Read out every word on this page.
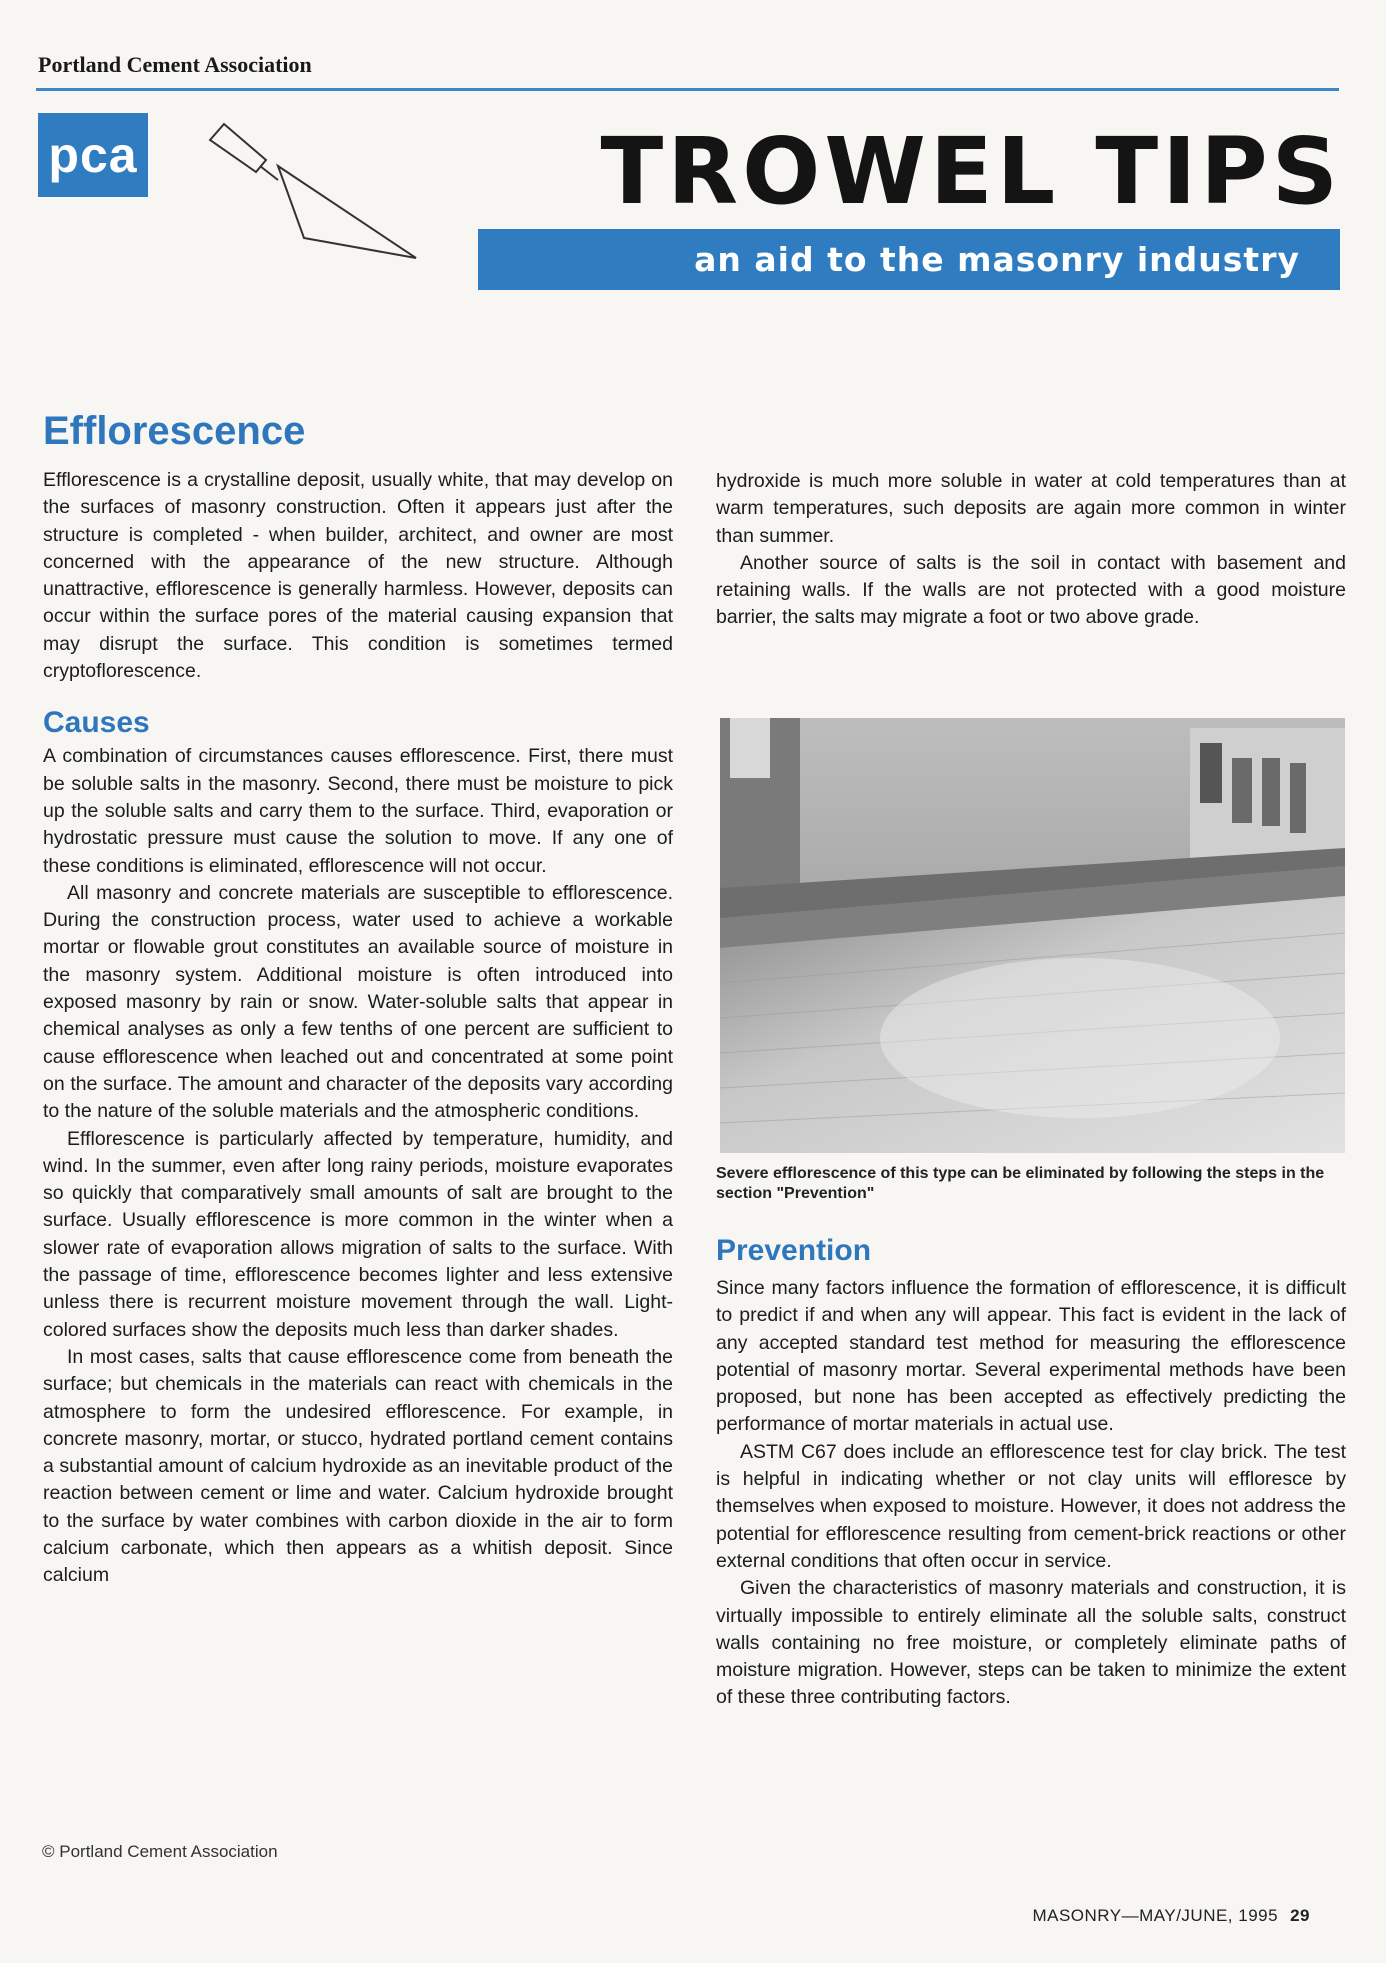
Portland Cement Association
pca	TROWEL TIPS
an aid to the masonry industry
Efflorescence

Efflorescence is a crystalline deposit, usually white, that may develop on the surfaces of masonry construction. Often it appears just after the structure is completed - when builder, architect, and owner are most concerned with the appearance of the new structure. Although unattractive, efflorescence is generally harmless. However, deposits can occur within the surface pores of the material causing expansion that may disrupt the surface. This condition is sometimes termed cryptoflorescence.

Causes

A combination of circumstances causes efflorescence. First, there must be soluble salts in the masonry. Second, there must be moisture to pick up the soluble salts and carry them to the surface. Third, evaporation or hydrostatic pressure must cause the solution to move. If any one of these conditions is eliminated, efflorescence will not occur.

All masonry and concrete materials are susceptible to efflorescence. During the construction process, water used to achieve a workable mortar or flowable grout constitutes an available source of moisture in the masonry system. Additional moisture is often introduced into exposed masonry by rain or snow. Water-soluble salts that appear in chemical analyses as only a few tenths of one percent are sufficient to cause efflorescence when leached out and concentrated at some point on the surface. The amount and character of the deposits vary according to the nature of the soluble materials and the atmospheric conditions.

Efflorescence is particularly affected by temperature, humidity, and wind. In the summer, even after long rainy periods, moisture evaporates so quickly that comparatively small amounts of salt are brought to the surface. Usually efflorescence is more common in the winter when a slower rate of evaporation allows migration of salts to the surface. With the passage of time, efflorescence becomes lighter and less extensive unless there is recurrent moisture movement through the wall. Light-colored surfaces show the deposits much less than darker shades.

In most cases, salts that cause efflorescence come from beneath the surface; but chemicals in the materials can react with chemicals in the atmosphere to form the undesired efflorescence. For example, in concrete masonry, mortar, or stucco, hydrated portland cement contains a substantial amount of calcium hydroxide as an inevitable product of the reaction between cement or lime and water. Calcium hydroxide brought to the surface by water combines with carbon dioxide in the air to form calcium carbonate, which then appears as a whitish deposit. Since calcium

hydroxide is much more soluble in water at cold temperatures than at warm temperatures, such deposits are again more common in winter than summer.

Another source of salts is the soil in contact with basement and retaining walls. If the walls are not protected with a good moisture barrier, the salts may migrate a foot or two above grade.

Severe efflorescence of this type can be eliminated by following the steps in the section "Prevention"
Prevention

Since many factors influence the formation of efflorescence, it is difficult to predict if and when any will appear. This fact is evident in the lack of any accepted standard test method for measuring the efflorescence potential of masonry mortar. Several experimental methods have been proposed, but none has been accepted as effectively predicting the performance of mortar materials in actual use.

ASTM C67 does include an efflorescence test for clay brick. The test is helpful in indicating whether or not clay units will effloresce by themselves when exposed to moisture. However, it does not address the potential for efflorescence resulting from cement-brick reactions or other external conditions that often occur in service.

Given the characteristics of masonry materials and construction, it is virtually impossible to entirely eliminate all the soluble salts, construct walls containing no free moisture, or completely eliminate paths of moisture migration. However, steps can be taken to minimize the extent of these three contributing factors.

© Portland Cement Association
MASONRY—MAY/JUNE, 1995 29
